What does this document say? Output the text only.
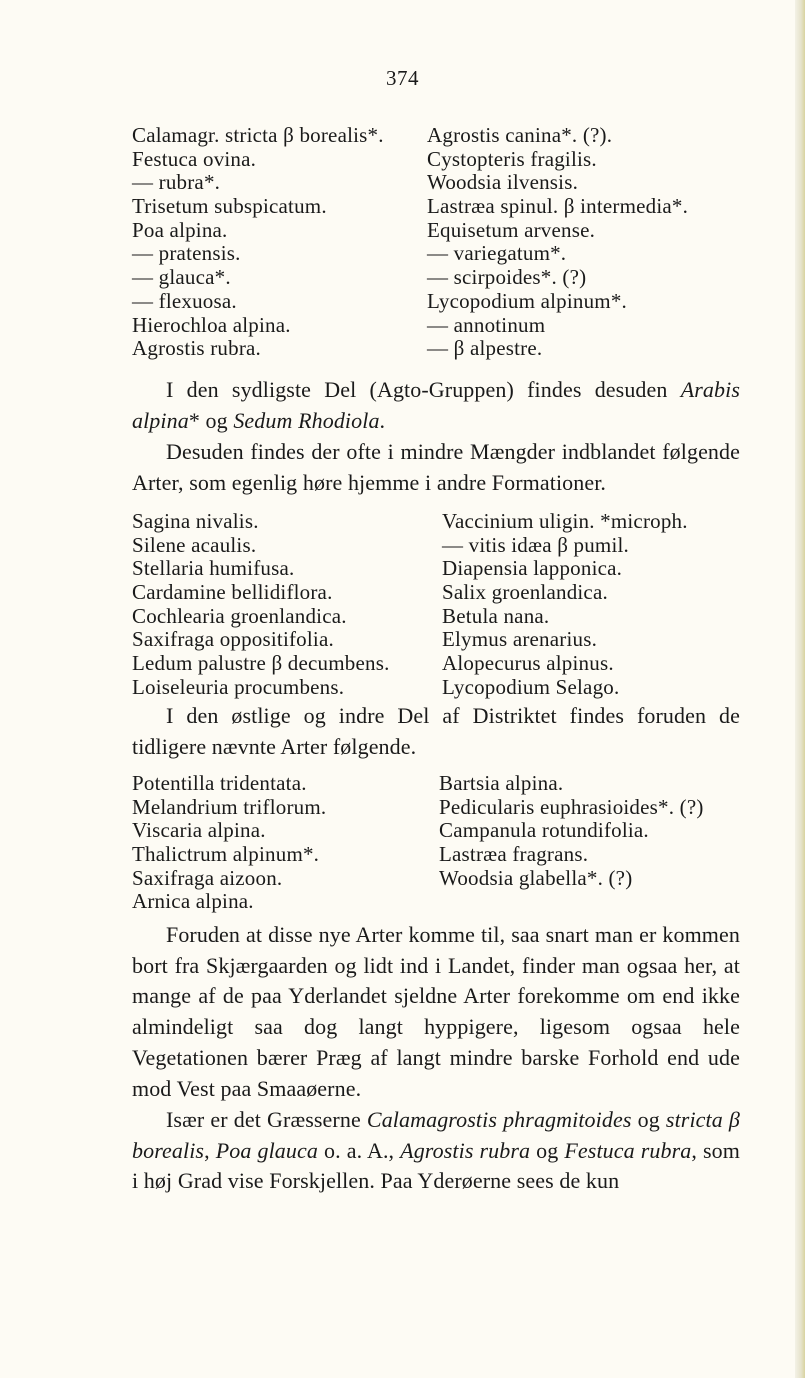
374
Calamagr. stricta β borealis*.
Festuca ovina.
— rubra*.
Trisetum subspicatum.
Poa alpina.
— pratensis.
— glauca*.
— flexuosa.
Hierochloa alpina.
Agrostis rubra.
Agrostis canina*. (?).
Cystopteris fragilis.
Woodsia ilvensis.
Lastræa spinul. β intermedia*.
Equisetum arvense.
— variegatum*.
— scirpoides*. (?)
Lycopodium alpinum*.
— annotinum
— β alpestre.

I den sydligste Del (Agto-Gruppen) findes desuden Arabis alpina* og Sedum Rhodiola.

Desuden findes der ofte i mindre Mængder indblandet følgende Arter, som egenlig høre hjemme i andre Formationer.

Sagina nivalis.
Silene acaulis.
Stellaria humifusa.
Cardamine bellidiflora.
Cochlearia groenlandica.
Saxifraga oppositifolia.
Ledum palustre β decumbens.
Loiseleuria procumbens.
Vaccinium uligin. *microph.
— vitis idæa β pumil.
Diapensia lapponica.
Salix groenlandica.
Betula nana.
Elymus arenarius.
Alopecurus alpinus.
Lycopodium Selago.

I den østlige og indre Del af Distriktet findes foruden de tidligere nævnte Arter følgende.

Potentilla tridentata.
Melandrium triflorum.
Viscaria alpina.
Thalictrum alpinum*.
Saxifraga aizoon.
Arnica alpina.
Bartsia alpina.
Pedicularis euphrasioides*. (?)
Campanula rotundifolia.
Lastræa fragrans.
Woodsia glabella*. (?)

Foruden at disse nye Arter komme til, saa snart man er kommen bort fra Skjærgaarden og lidt ind i Landet, finder man ogsaa her, at mange af de paa Yderlandet sjeldne Arter forekomme om end ikke almindeligt saa dog langt hyppigere, ligesom ogsaa hele Vegetationen bærer Præg af langt mindre barske Forhold end ude mod Vest paa Smaaøerne.

Især er det Græsserne Calamagrostis phragmitoides og stricta β borealis, Poa glauca o. a. A., Agrostis rubra og Festuca rubra, som i høj Grad vise Forskjellen. Paa Yderøerne sees de kun
